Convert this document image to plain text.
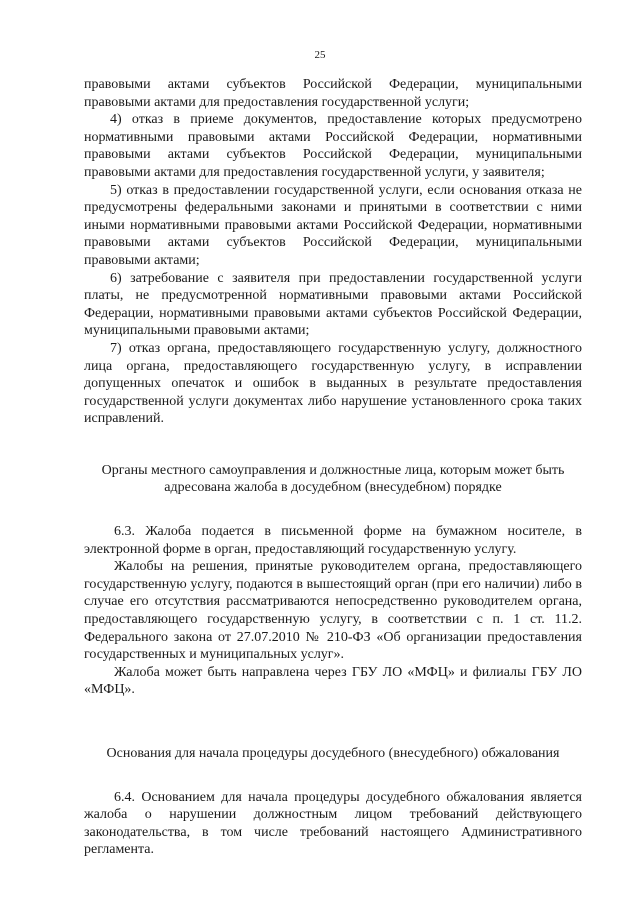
25

правовыми актами субъектов Российской Федерации, муниципальными правовыми актами для предоставления государственной услуги;

4) отказ в приеме документов, предоставление которых предусмотрено нормативными правовыми актами Российской Федерации, нормативными правовыми актами субъектов Российской Федерации, муниципальными правовыми актами для предоставления государственной услуги, у заявителя;

5) отказ в предоставлении государственной услуги, если основания отказа не предусмотрены федеральными законами и принятыми в соответствии с ними иными нормативными правовыми актами Российской Федерации, нормативными правовыми актами субъектов Российской Федерации, муниципальными правовыми актами;

6) затребование с заявителя при предоставлении государственной услуги платы, не предусмотренной нормативными правовыми актами Российской Федерации, нормативными правовыми актами субъектов Российской Федерации, муниципальными правовыми актами;

7) отказ органа, предоставляющего государственную услугу, должностного лица органа, предоставляющего государственную услугу, в исправлении допущенных опечаток и ошибок в выданных в результате предоставления государственной услуги документах либо нарушение установленного срока таких исправлений.

Органы местного самоуправления и должностные лица, которым может быть адресована жалоба в досудебном (внесудебном) порядке

6.3. Жалоба подается в письменной форме на бумажном носителе, в электронной форме в орган, предоставляющий государственную услугу.

Жалобы на решения, принятые руководителем органа, предоставляющего государственную услугу, подаются в вышестоящий орган (при его наличии) либо в случае его отсутствия рассматриваются непосредственно руководителем органа, предоставляющего государственную услугу, в соответствии с п. 1 ст. 11.2. Федерального закона от 27.07.2010 № 210-ФЗ «Об организации предоставления государственных и муниципальных услуг».

Жалоба может быть направлена через ГБУ ЛО «МФЦ» и филиалы ГБУ ЛО «МФЦ».

Основания для начала процедуры досудебного (внесудебного) обжалования

6.4. Основанием для начала процедуры досудебного обжалования является жалоба о нарушении должностным лицом требований действующего законодательства, в том числе требований настоящего Административного регламента.
